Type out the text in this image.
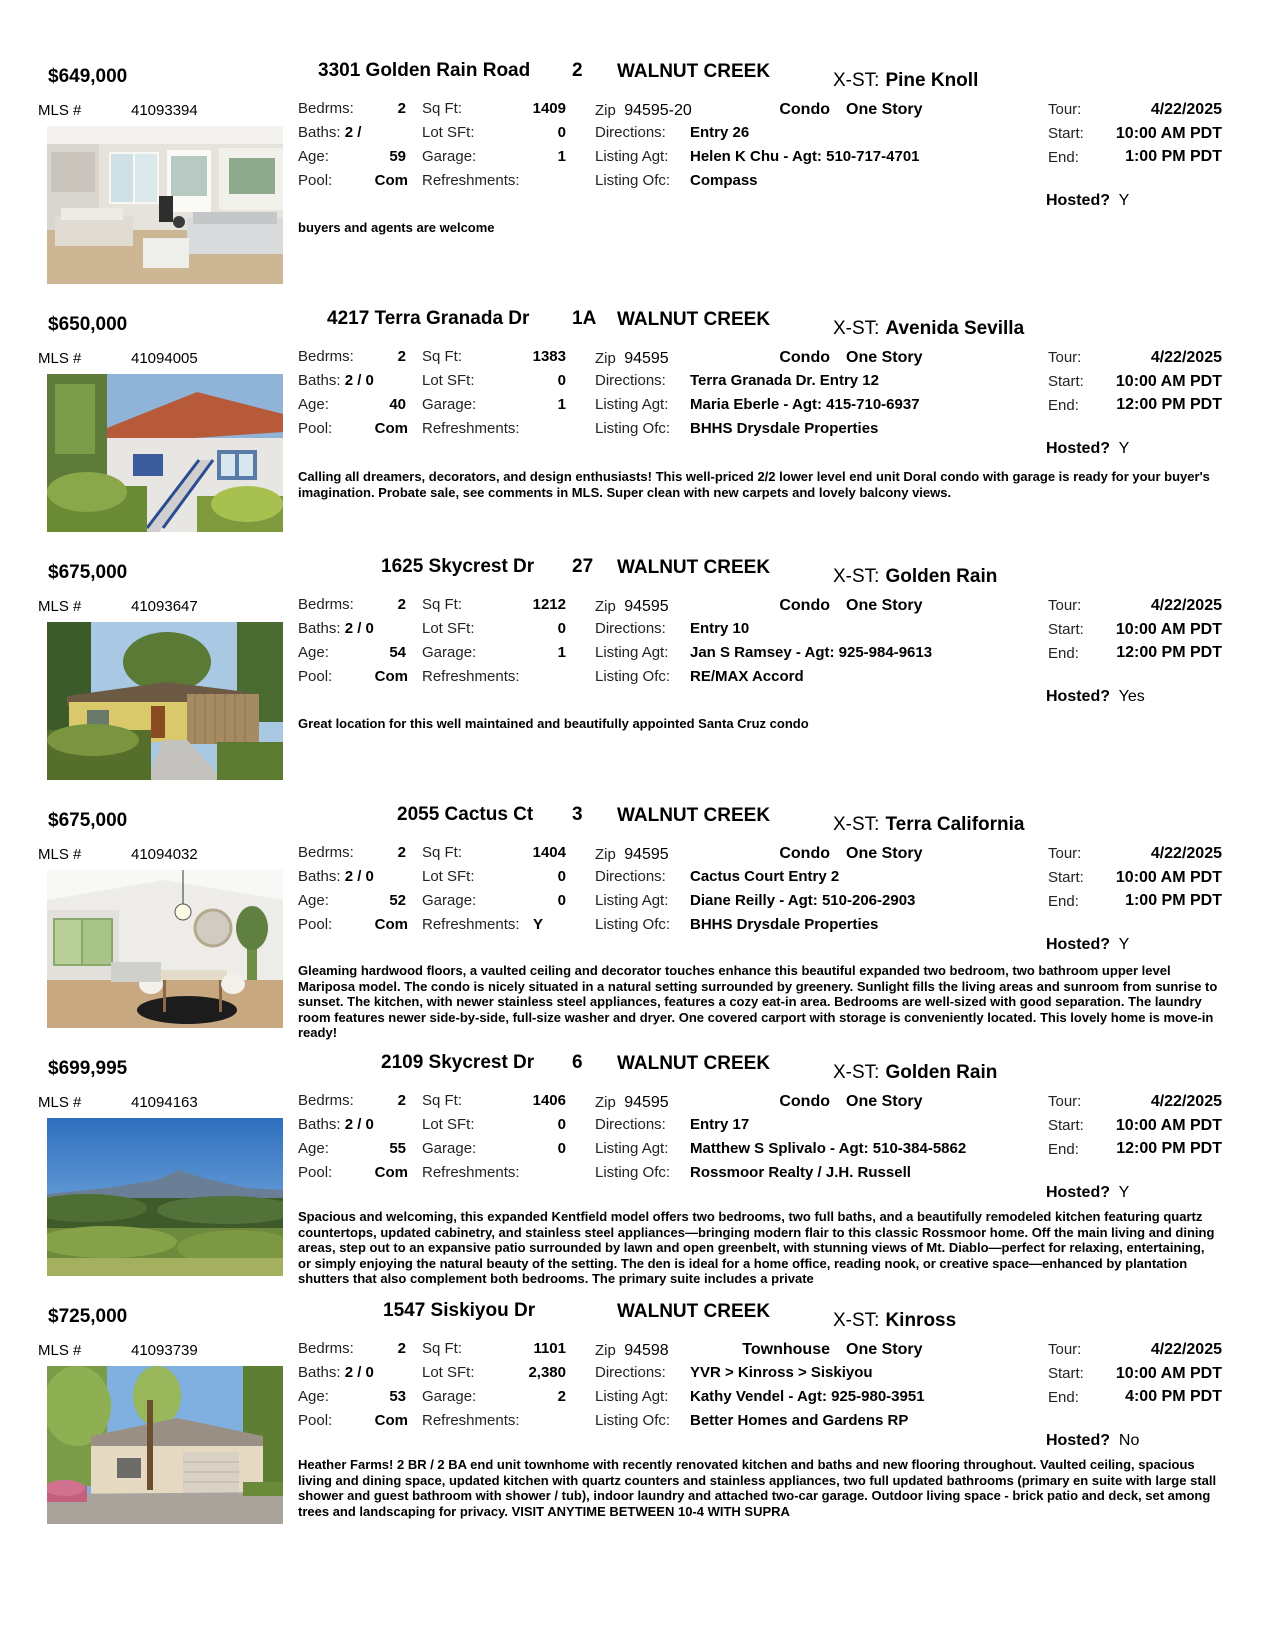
$649,000	3301 Golden Rain Road 2 WALNUT CREEK	X-ST: Pine Knoll
MLS #	41093394	Bedrms:	2 Sq Ft:	1409
Baths: 2 /	Lot SFt:	0
Age:	59 Garage:	1
Pool:	Com Refreshments:
Zip 94595-20	Condo One Story
Directions: Entry 26
Listing Agt: Helen K Chu - Agt: 510-717-4701
Listing Ofc: Compass
Tour:	4/22/2025
Start:	10:00 AM PDT
End:	1:00 PM PDT
Hosted? Y
buyers and agents are welcome
$650,000	4217 Terra Granada Dr 1A WALNUT CREEK	X-ST: Avenida Sevilla
MLS #	41094005	Bedrms:	2 Sq Ft:	1383
Baths: 2 / 0	Lot SFt:	0
Age:	40 Garage:	1
Pool:	Com Refreshments:
Zip 94595	Condo One Story
Directions: Terra Granada Dr. Entry 12
Listing Agt: Maria Eberle - Agt: 415-710-6937
Listing Ofc: BHHS Drysdale Properties
Tour:	4/22/2025
Start:	10:00 AM PDT
End:	12:00 PM PDT
Hosted? Y
Calling all dreamers, decorators, and design enthusiasts! This well-priced 2/2 lower level end unit Doral condo with garage is ready for your buyer's imagination. Probate sale, see comments in MLS. Super clean with new carpets and lovely balcony views.
$675,000	1625 Skycrest Dr 27 WALNUT CREEK	X-ST: Golden Rain
MLS #	41093647	Bedrms:	2 Sq Ft:	1212
Baths: 2 / 0	Lot SFt:	0
Age:	54 Garage:	1
Pool:	Com Refreshments:
Zip 94595	Condo One Story
Directions: Entry 10
Listing Agt: Jan S Ramsey - Agt: 925-984-9613
Listing Ofc: RE/MAX Accord
Tour:	4/22/2025
Start:	10:00 AM PDT
End:	12:00 PM PDT
Hosted? Yes
Great location for this well maintained and beautifully appointed Santa Cruz condo
$675,000	2055 Cactus Ct 3 WALNUT CREEK	X-ST: Terra California
MLS #	41094032	Bedrms:	2 Sq Ft:	1404
Baths: 2 / 0	Lot SFt:	0
Age:	52 Garage:	0
Pool:	Com Refreshments: Y
Zip 94595	Condo One Story
Directions: Cactus Court Entry 2
Listing Agt: Diane Reilly - Agt: 510-206-2903
Listing Ofc: BHHS Drysdale Properties
Tour:	4/22/2025
Start:	10:00 AM PDT
End:	1:00 PM PDT
Hosted? Y
Gleaming hardwood floors, a vaulted ceiling and decorator touches enhance this beautiful expanded two bedroom, two bathroom upper level Mariposa model. The condo is nicely situated in a natural setting surrounded by greenery. Sunlight fills the living areas and sunroom from sunrise to sunset. The kitchen, with newer stainless steel appliances, features a cozy eat-in area. Bedrooms are well-sized with good separation. The laundry room features newer side-by-side, full-size washer and dryer. One covered carport with storage is conveniently located. This lovely home is move-in ready!
$699,995	2109 Skycrest Dr 6 WALNUT CREEK	X-ST: Golden Rain
MLS #	41094163	Bedrms:	2 Sq Ft:	1406
Baths: 2 / 0	Lot SFt:	0
Age:	55 Garage:	0
Pool:	Com Refreshments:
Zip 94595	Condo One Story
Directions: Entry 17
Listing Agt: Matthew S Splivalo - Agt: 510-384-5862
Listing Ofc: Rossmoor Realty / J.H. Russell
Tour:	4/22/2025
Start:	10:00 AM PDT
End:	12:00 PM PDT
Hosted? Y
Spacious and welcoming, this expanded Kentfield model offers two bedrooms, two full baths, and a beautifully remodeled kitchen featuring quartz countertops, updated cabinetry, and stainless steel appliances—bringing modern flair to this classic Rossmoor home. Off the main living and dining areas, step out to an expansive patio surrounded by lawn and open greenbelt, with stunning views of Mt. Diablo—perfect for relaxing, entertaining, or simply enjoying the natural beauty of the setting. The den is ideal for a home office, reading nook, or creative space—enhanced by plantation shutters that also complement both bedrooms. The primary suite includes a private
$725,000	1547 Siskiyou Dr	WALNUT CREEK	X-ST: Kinross
MLS #	41093739	Bedrms:	2 Sq Ft:	1101
Baths: 2 / 0	Lot SFt:	2,380
Age:	53 Garage:	2
Pool:	Com Refreshments:
Zip 94598	Townhouse One Story
Directions: YVR > Kinross > Siskiyou
Listing Agt: Kathy Vendel - Agt: 925-980-3951
Listing Ofc: Better Homes and Gardens RP
Tour:	4/22/2025
Start:	10:00 AM PDT
End:	4:00 PM PDT
Hosted? No
Heather Farms! 2 BR / 2 BA end unit townhome with recently renovated kitchen and baths and new flooring throughout. Vaulted ceiling, spacious living and dining space, updated kitchen with quartz counters and stainless appliances, two full updated bathrooms (primary en suite with large stall shower and guest bathroom with shower / tub), indoor laundry and attached two-car garage. Outdoor living space - brick patio and deck, set among trees and landscaping for privacy. VISIT ANYTIME BETWEEN 10-4 WITH SUPRA
